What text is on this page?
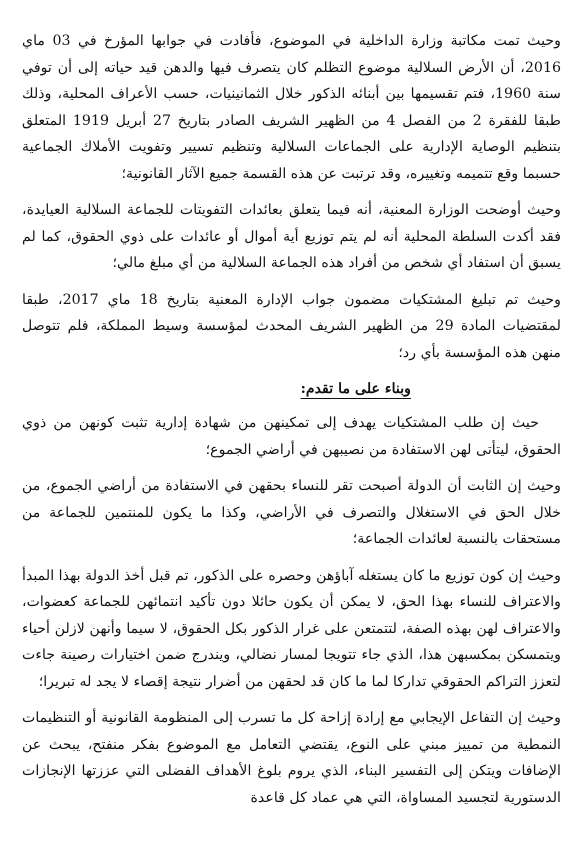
وحيث تمت مكاتبة وزارة الداخلية في الموضوع، فأفادت في جوابها المؤرخ في 03 ماي 2016، أن الأرض السلالية موضوع التظلم كان يتصرف فيها والدهن قيد حياته إلى أن توفي سنة 1960، فتم تقسيمها بين أبنائه الذكور خلال الثمانينيات، حسب الأعراف المحلية، وذلك طبقا للفقرة 2 من الفصل 4 من الظهير الشريف الصادر بتاريخ 27 أبريل 1919 المتعلق بتنظيم الوصاية الإدارية على الجماعات السلالية وتنظيم تسيير وتفويت الأملاك الجماعية حسبما وقع تتميمه وتغييره، وقد ترتبت عن هذه القسمة جميع الآثار القانونية؛

وحيث أوضحت الوزارة المعنية، أنه فيما يتعلق بعائدات التفويتات للجماعة السلالية العيايدة، فقد أكدت السلطة المحلية أنه لم يتم توزيع أية أموال أو عائدات على ذوي الحقوق، كما لم يسبق أن استفاد أي شخص من أفراد هذه الجماعة السلالية من أي مبلغ مالي؛

وحيث تم تبليغ المشتكيات مضمون جواب الإدارة المعنية بتاريخ 18 ماي 2017، طبقا لمقتضيات المادة 29 من الظهير الشريف المحدث لمؤسسة وسيط المملكة، فلم تتوصل منهن هذه المؤسسة بأي رد؛

وبناء على ما تقدم:

حيث إن طلب المشتكيات يهدف إلى تمكينهن من شهادة إدارية تثبت كونهن من ذوي الحقوق، ليتأتى لهن الاستفادة من نصيبهن في أراضي الجموع؛

وحيث إن الثابت أن الدولة أصبحت تقر للنساء بحقهن في الاستفادة من أراضي الجموع، من خلال الحق في الاستغلال والتصرف في الأراضي، وكذا ما يكون للمنتمين للجماعة من مستحقات بالنسبة لعائدات الجماعة؛

وحيث إن كون توزيع ما كان يستغله آباؤهن وحصره على الذكور، تم قبل أخذ الدولة بهذا المبدأ والاعتراف للنساء بهذا الحق، لا يمكن أن يكون حائلا دون تأكيد انتمائهن للجماعة كعضوات، والاعتراف لهن بهذه الصفة، لتتمتعن على غرار الذكور بكل الحقوق، لا سيما وأنهن لازلن أحياء ويتمسكن بمكسبهن هذا، الذي جاء تتويجا لمسار نضالي، ويندرج ضمن اختيارات رصينة جاءت لتعزز التراكم الحقوقي تداركا لما ما كان قد لحقهن من أضرار نتيجة إقصاء لا يجد له تبريرا؛

وحيث إن التفاعل الإيجابي مع إرادة إزاحة كل ما تسرب إلى المنظومة القانونية أو التنظيمات النمطية من تمييز مبني على النوع، يقتضي التعامل مع الموضوع بفكر منفتح، يبحث عن الإضافات ويتكن إلى التفسير البناء، الذي يروم بلوغ الأهداف الفضلى التي عززتها الإنجازات الدستورية لتجسيد المساواة، التي هي عماد كل قاعدة
